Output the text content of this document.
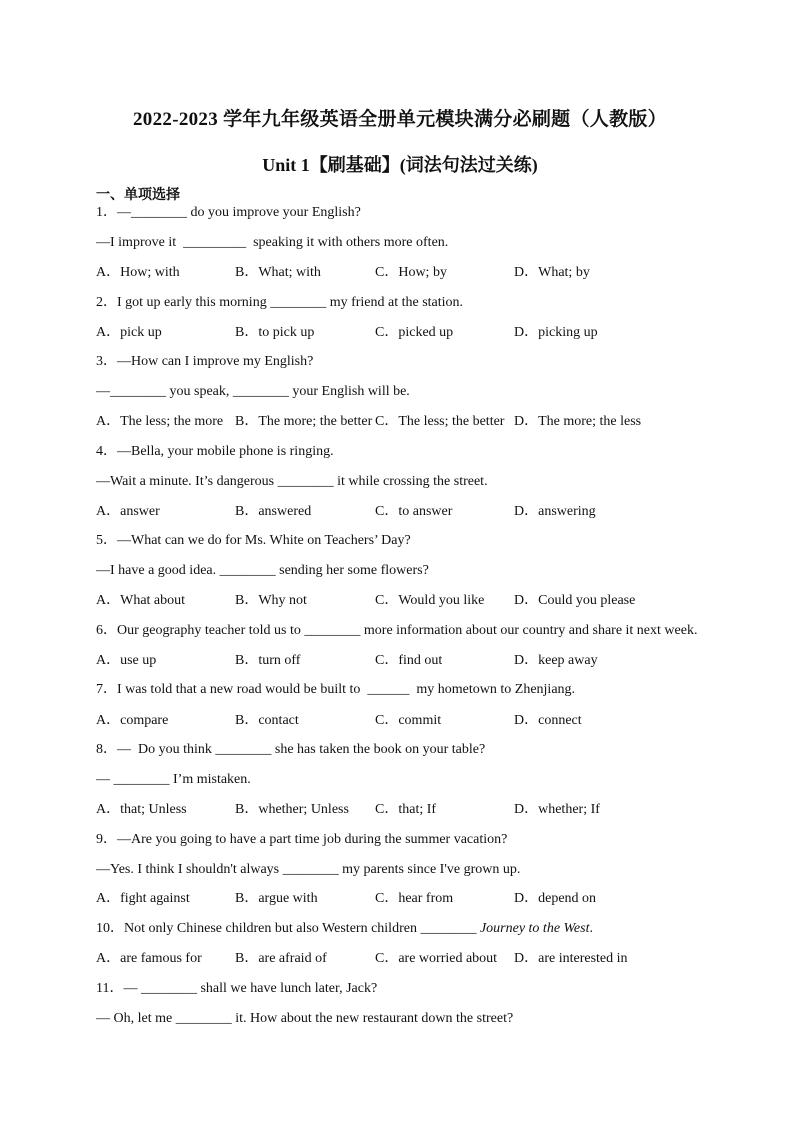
2022-2023 学年九年级英语全册单元模块满分必刷题（人教版）
Unit 1【刷基础】(词法句法过关练)
一、单项选择
1．—________ do you improve your English?
—I improve it  _________  speaking it with others more often.
A．How; with	B．What; with	C．How; by	D．What; by
2．I got up early this morning ________ my friend at the station.
A．pick up	B．to pick up	C．picked up	D．picking up
3．—How can I improve my English?
—________ you speak, ________ your English will be.
A．The less; the more B．The more; the better C．The less; the better D．The more; the less
4．—Bella, your mobile phone is ringing.
—Wait a minute. It’s dangerous ________ it while crossing the street.
A．answer	B．answered	C．to answer	D．answering
5．—What can we do for Ms. White on Teachers’ Day?
—I have a good idea. ________ sending her some flowers?
A．What about	B．Why not	C．Would you like D．Could you please
6．Our geography teacher told us to ________ more information about our country and share it next week.
A．use up	B．turn off	C．find out	D．keep away
7．I was told that a new road would be built to  ______  my hometown to Zhenjiang.
A．compare	B．contact	C．commit	D．connect
8．—  Do you think ________ she has taken the book on your table?
— ________ I’m mistaken.
A．that; Unless	B．whether; Unless C．that; If	D．whether; If
9．—Are you going to have a part time job during the summer vacation?
—Yes. I think I shouldn't always ________ my parents since I've grown up.
A．fight against	B．argue with	C．hear from	D．depend on
10．Not only Chinese children but also Western children ________ Journey to the West.
A．are famous for B．are afraid of	C．are worried about D．are interested in
11．— ________ shall we have lunch later, Jack?
— Oh, let me ________ it. How about the new restaurant down the street?
